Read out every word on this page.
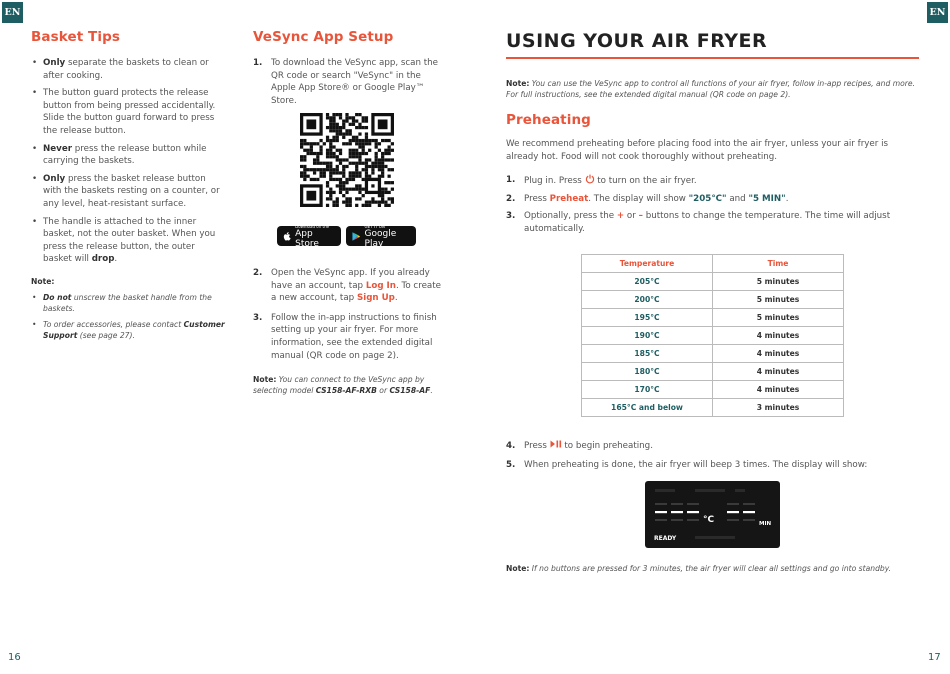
EN	EN
Basket Tips
• Only separate the baskets to clean or after cooking.
• The button guard protects the release button from being pressed accidentally. Slide the button guard forward to press the release button.
• Never press the release button while carrying the baskets.
• Only press the basket release button with the baskets resting on a counter, or any level, heat-resistant surface.
• The handle is attached to the inner basket, not the outer basket. When you press the release button, the outer basket will drop.
Note:
• Do not unscrew the basket handle from the baskets.
• To order accessories, please contact Customer Support (see page 27).
VeSync App Setup
1. To download the VeSync app, scan the QR code or search "VeSync" in the Apple App Store® or Google Play™ Store.
Download on the
App Store
GET IT ON
Google Play
2. Open the VeSync app. If you already have an account, tap Log In. To create a new account, tap Sign Up.
3. Follow the in-app instructions to finish setting up your air fryer. For more information, see the extended digital manual (QR code on page 2).
Note: You can connect to the VeSync app by selecting model CS158-AF-RXB or CS158-AF.
16
USING YOUR AIR FRYER
Note: You can use the VeSync app to control all functions of your air fryer, follow in-app recipes, and more. For full instructions, see the extended digital manual (QR code on page 2).
Preheating
We recommend preheating before placing food into the air fryer, unless your air fryer is already hot. Food will not cook thoroughly without preheating.
1. Plug in. Press  to turn on the air fryer.
2. Press Preheat. The display will show "205°C" and "5 MIN".
3. Optionally, press the + or – buttons to change the temperature. The time will adjust automatically.
Temperature	Time
205°C	5 minutes
200°C	5 minutes
195°C	5 minutes
190°C	4 minutes
185°C	4 minutes
180°C	4 minutes
170°C	4 minutes
165°C and below	3 minutes
4. Press  to begin preheating.
5. When preheating is done, the air fryer will beep 3 times. The display will show:
°C	MIN
READY
Note: If no buttons are pressed for 3 minutes, the air fryer will clear all settings and go into standby.
17
